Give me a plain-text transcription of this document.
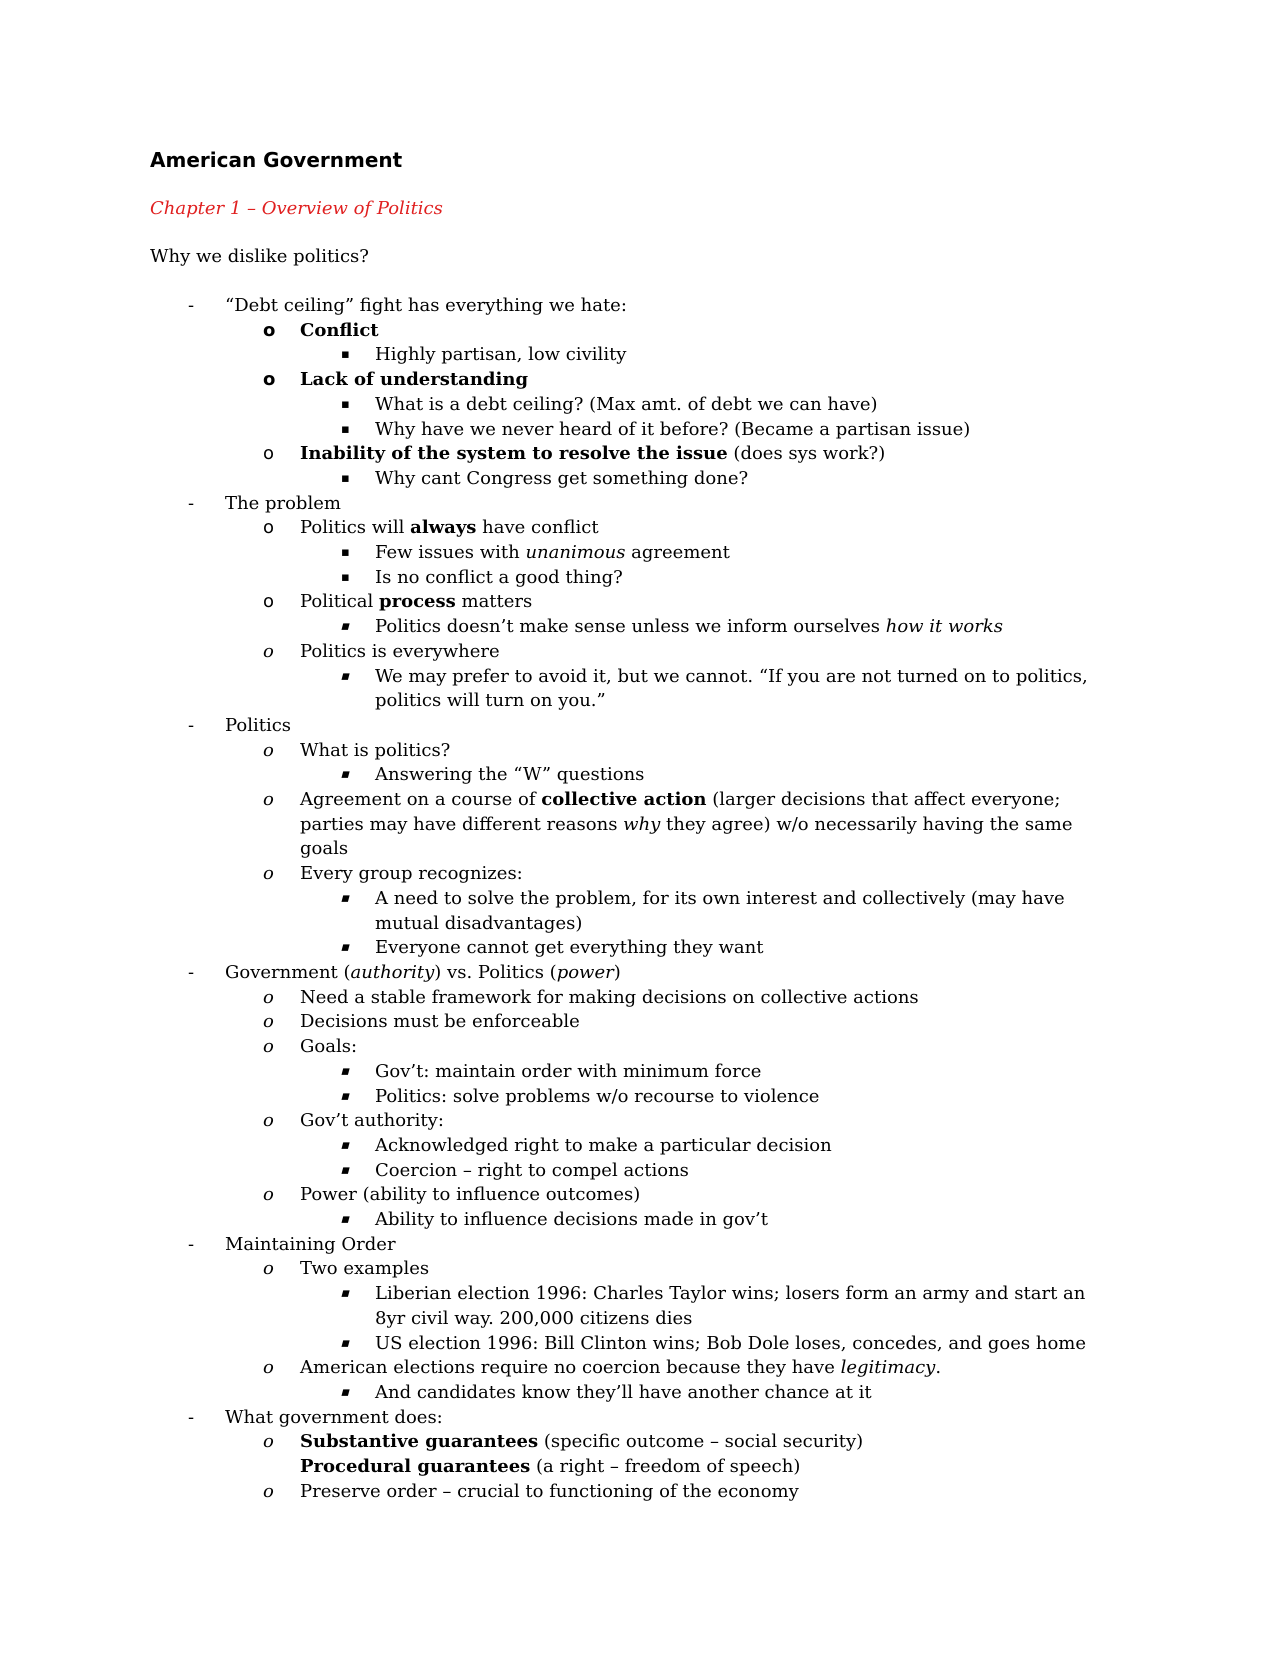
American Government
Chapter 1 – Overview of Politics
Why we dislike politics?
-
“Debt ceiling” fight has everything we hate:
o
Conflict
▪
Highly partisan, low civility
o
Lack of understanding
▪
What is a debt ceiling? (Max amt. of debt we can have)
▪
Why have we never heard of it before? (Became a partisan issue)
o
Inability of the system to resolve the issue (does sys work?)
▪
Why cant Congress get something done?
-
The problem
o
Politics will always have conflict
▪
Few issues with unanimous agreement
▪
Is no conflict a good thing?
o
Political process matters
▪
Politics doesn’t make sense unless we inform ourselves how it works
o
Politics is everywhere
▪
We may prefer to avoid it, but we cannot. “If you are not turned on to politics, politics will turn on you.”
-
Politics
o
What is politics?
▪
Answering the “W” questions
o
Agreement on a course of collective action (larger decisions that affect everyone; parties may have different reasons why they agree) w/o necessarily having the same goals
o
Every group recognizes:
▪
A need to solve the problem, for its own interest and collectively (may have mutual disadvantages)
▪
Everyone cannot get everything they want
-
Government (authority) vs. Politics (power)
o
Need a stable framework for making decisions on collective actions
o
Decisions must be enforceable
o
Goals:
▪
Gov’t: maintain order with minimum force
▪
Politics: solve problems w/o recourse to violence
o
Gov’t authority:
▪
Acknowledged right to make a particular decision
▪
Coercion – right to compel actions
o
Power (ability to influence outcomes)
▪
Ability to influence decisions made in gov’t
-
Maintaining Order
o
Two examples
▪
Liberian election 1996: Charles Taylor wins; losers form an army and start an 8yr civil way. 200,000 citizens dies
▪
US election 1996: Bill Clinton wins; Bob Dole loses, concedes, and goes home
o
American elections require no coercion because they have legitimacy.
▪
And candidates know they’ll have another chance at it
-
What government does:
o
Substantive guarantees (specific outcome – social security)
Procedural guarantees (a right – freedom of speech)
o
Preserve order – crucial to functioning of the economy
